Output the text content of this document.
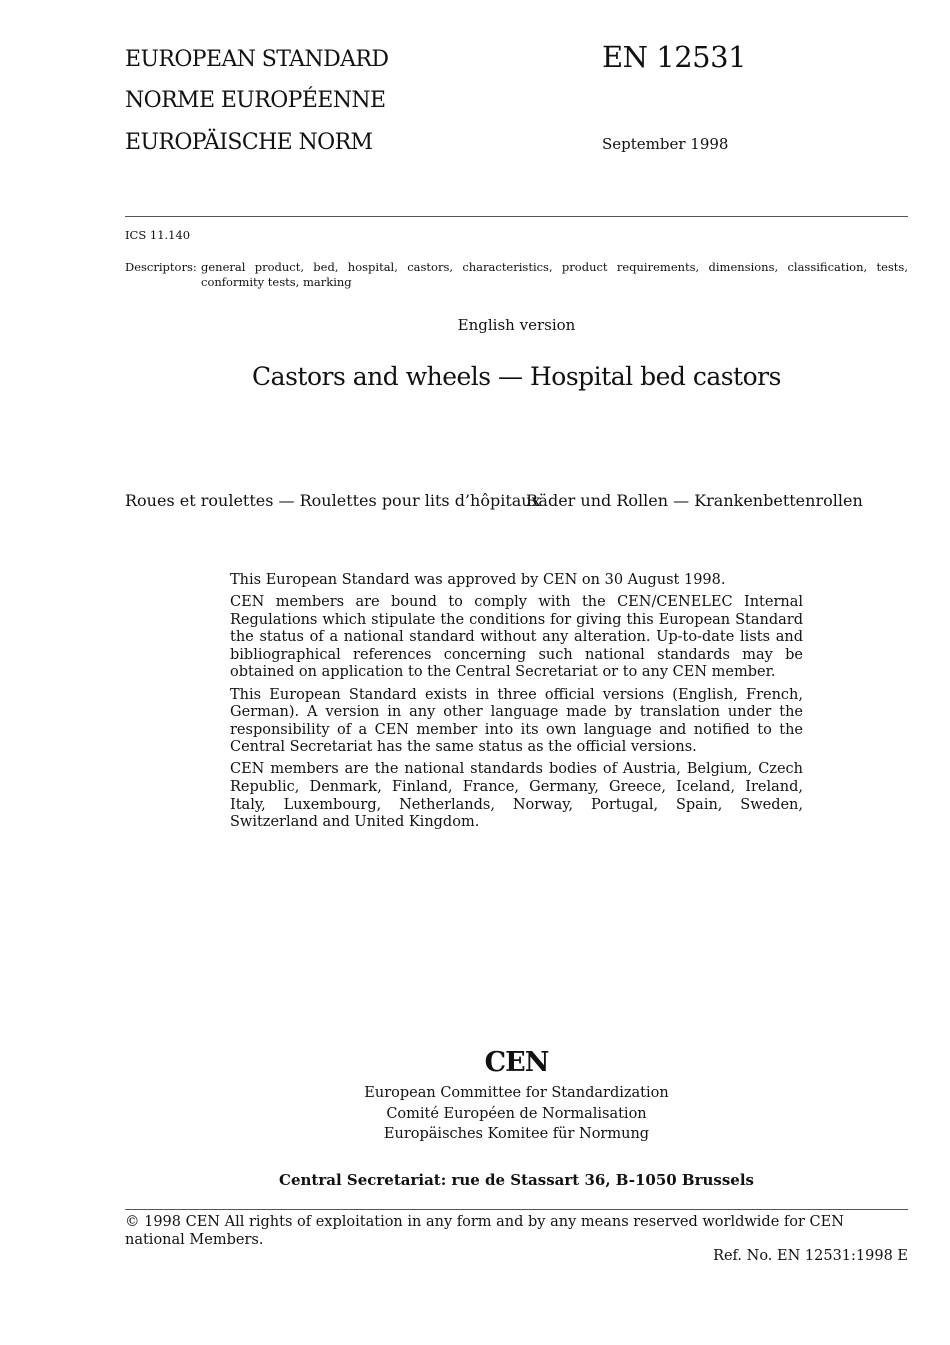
EUROPEAN STANDARD
NORME EUROPÉENNE
EUROPÄISCHE NORM
EN 12531
September 1998
ICS 11.140
Descriptors: general product, bed, hospital, castors, characteristics, product requirements, dimensions, classification, tests, conformity tests, marking
English version
Castors and wheels — Hospital bed castors
Roues et roulettes — Roulettes pour lits d’hôpitaux
Räder und Rollen — Krankenbettenrollen

This European Standard was approved by CEN on 30 August 1998.

CEN members are bound to comply with the CEN/CENELEC Internal Regulations which stipulate the conditions for giving this European Standard the status of a national standard without any alteration. Up-to-date lists and bibliographical references concerning such national standards may be obtained on application to the Central Secretariat or to any CEN member.

This European Standard exists in three official versions (English, French, German). A version in any other language made by translation under the responsibility of a CEN member into its own language and notified to the Central Secretariat has the same status as the official versions.

CEN members are the national standards bodies of Austria, Belgium, Czech Republic, Denmark, Finland, France, Germany, Greece, Iceland, Ireland, Italy, Luxembourg, Netherlands, Norway, Portugal, Spain, Sweden, Switzerland and United Kingdom.

CEN
European Committee for Standardization
Comité Européen de Normalisation
Europäisches Komitee für Normung
Central Secretariat: rue de Stassart 36, B-1050 Brussels
© 1998 CEN All rights of exploitation in any form and by any means reserved worldwide for CEN national Members.
Ref. No. EN 12531:1998 E
